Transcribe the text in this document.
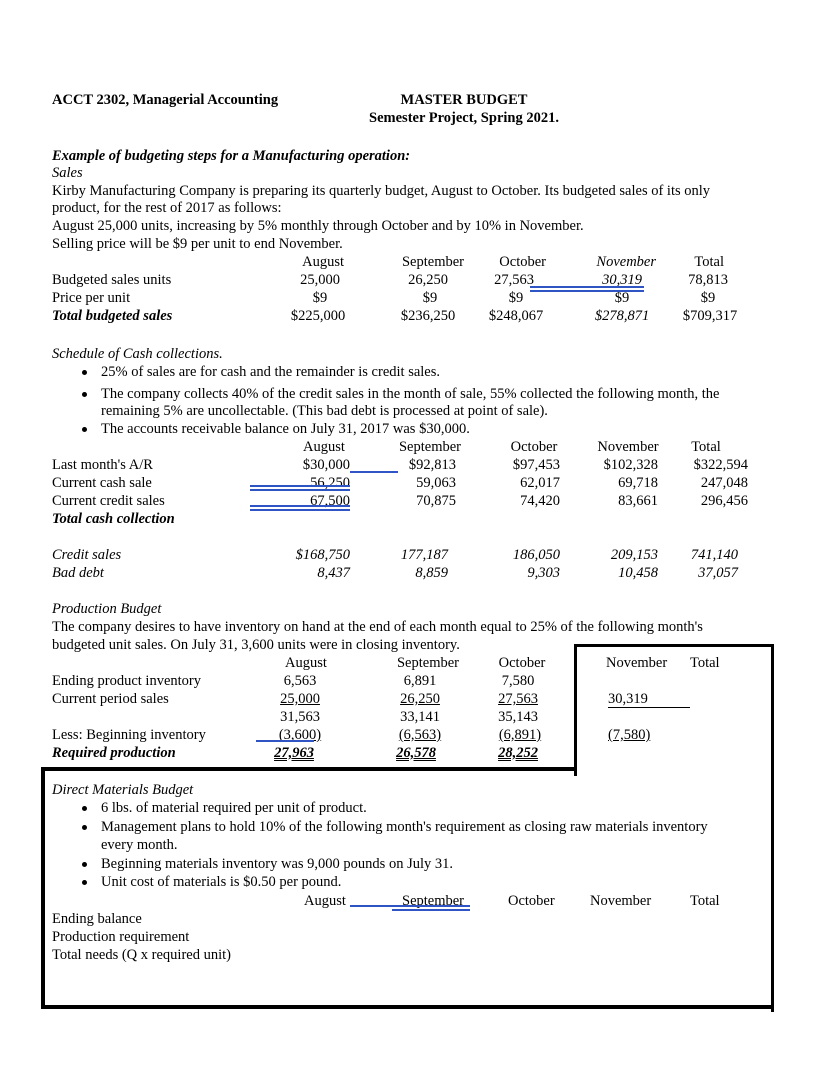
ACCT 2302, Managerial Accounting	MASTER BUDGET
Semester Project, Spring 2021.
Example of budgeting steps for a Manufacturing operation:
Sales
Kirby Manufacturing Company is preparing its quarterly budget, August to October. Its budgeted sales of its only
product, for the rest of 2017 as follows:
August 25,000 units, increasing by 5% monthly through October and by 10% in November.
Selling price will be $9 per unit to end November.
August	September	October	November	Total
Budgeted sales units	25,000	26,250	27,563	30,319	78,813
Price per unit	$9	$9	$9	$9	$9
Total budgeted sales	$225,000	$236,250	$248,067	$278,871	$709,317
Schedule of Cash collections.
25% of sales are for cash and the remainder is credit sales.
The company collects 40% of the credit sales in the month of sale, 55% collected the following month, the
remaining 5% are uncollectable. (This bad debt is processed at point of sale).
The accounts receivable balance on July 31, 2017 was $30,000.
August	September	October	November	Total
Last month's A/R	$30,000	$92,813	$97,453	$102,328	$322,594
Current cash sale	56,250	59,063	62,017	69,718	247,048
Current credit sales	67,500	70,875	74,420	83,661	296,456
Total cash collection
Credit sales	$168,750	177,187	186,050	209,153	741,140
Bad debt	8,437	8,859	9,303	10,458	37,057
Production Budget
The company desires to have inventory on hand at the end of each month equal to 25% of the following month's
budgeted unit sales. On July 31, 3,600 units were in closing inventory.
August	September	October	November Total
Ending product inventory	6,563	6,891	7,580
Current period sales	25,000	26,250	27,563	30,319
31,563	33,141	35,143
Less: Beginning inventory	(3,600)	(6,563)	(6,891)	(7,580)
Required production	27,963	26,578	28,252
Direct Materials Budget
6 lbs. of material required per unit of product.
Management plans to hold 10% of the following month's requirement as closing raw materials inventory
every month.
Beginning materials inventory was 9,000 pounds on July 31.
Unit cost of materials is $0.50 per pound.
August	September	October November	Total
Ending balance
Production requirement
Total needs (Q x required unit)
